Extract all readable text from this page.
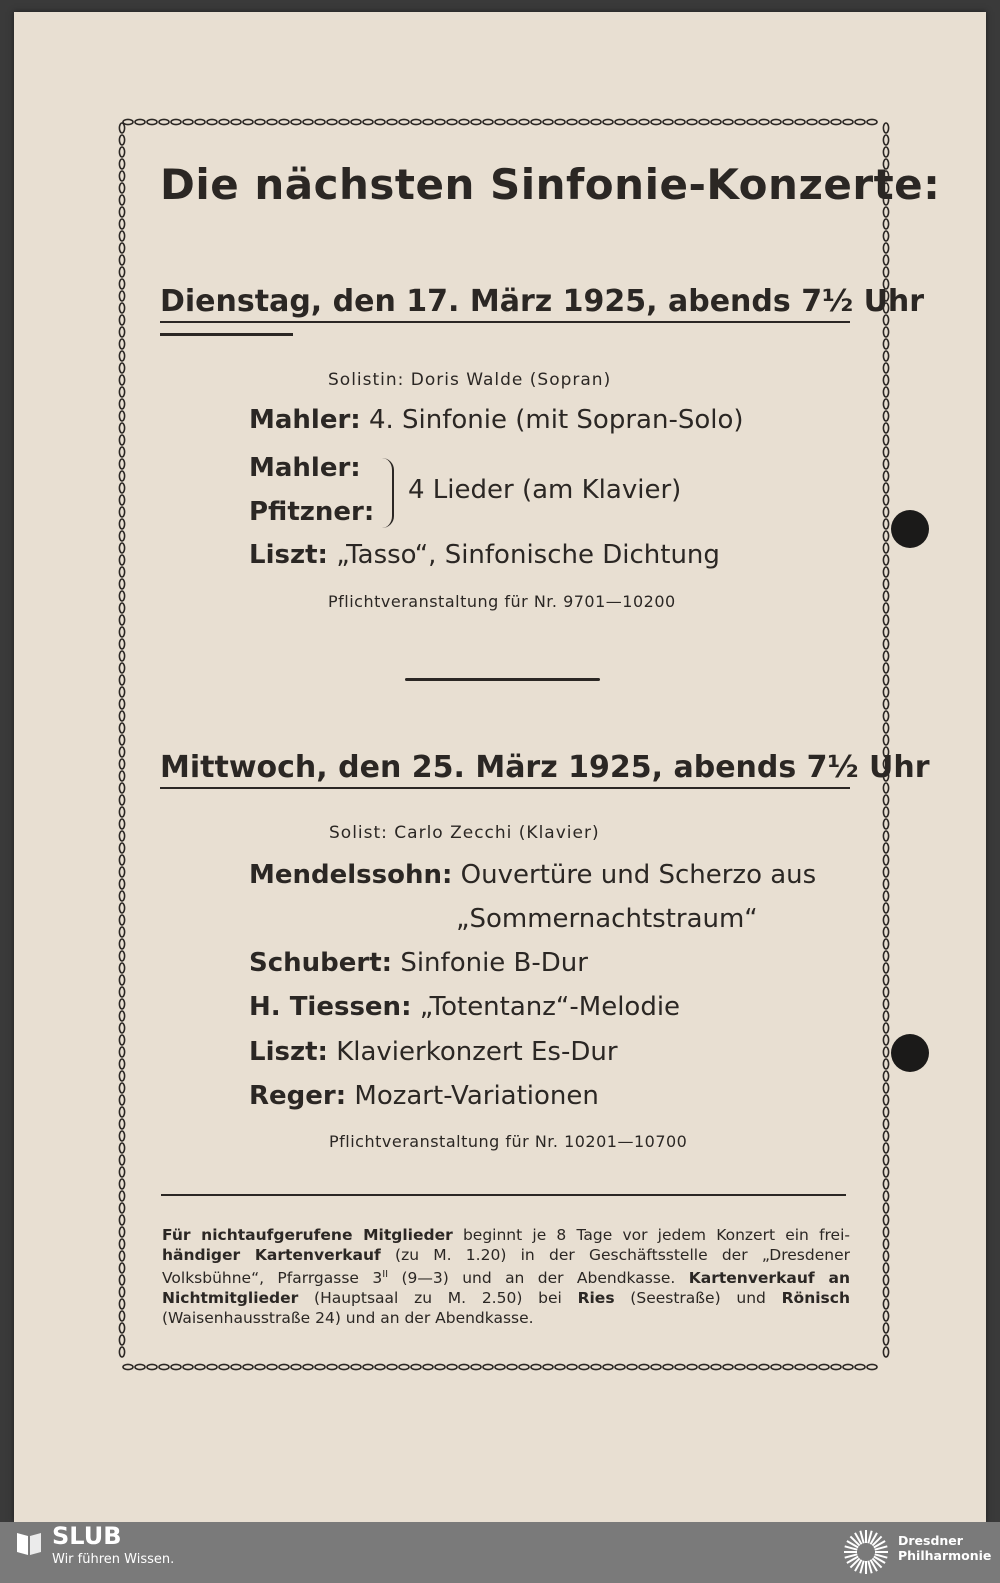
Die nächsten Sinfonie-Konzerte:
Dienstag, den 17. März 1925, abends 7½ Uhr
Solistin: Doris Walde (Sopran)
Mahler: 4. Sinfonie (mit Sopran-Solo)
Mahler:
Pfitzner:
4 Lieder (am Klavier)
Liszt: „Tasso“, Sinfonische Dichtung
Pflichtveranstaltung für Nr. 9701—10200
Mittwoch, den 25. März 1925, abends 7½ Uhr
Solist: Carlo Zecchi (Klavier)
Mendelssohn: Ouvertüre und Scherzo aus
„Sommernachtstraum“
Schubert: Sinfonie B-Dur
H. Tiessen: „Totentanz“-Melodie
Liszt: Klavierkonzert Es-Dur
Reger: Mozart-Variationen
Pflichtveranstaltung für Nr. 10201—10700
Für nichtaufgerufene Mitglieder beginnt je 8 Tage vor jedem Konzert ein frei- händiger Kartenverkauf (zu M. 1.20) in der Geschäftsstelle der „Dresdener Volksbühne“, Pfarrgasse $3^{II}$ (9—3) und an der Abendkasse. Kartenverkauf an Nichtmitglieder (Hauptsaal zu M. 2.50) bei Ries (Seestraße) und Rönisch (Waisenhausstraße 24) und an der Abendkasse.
SLUB
Wir führen Wissen.
Dresdner
Philharmonie
